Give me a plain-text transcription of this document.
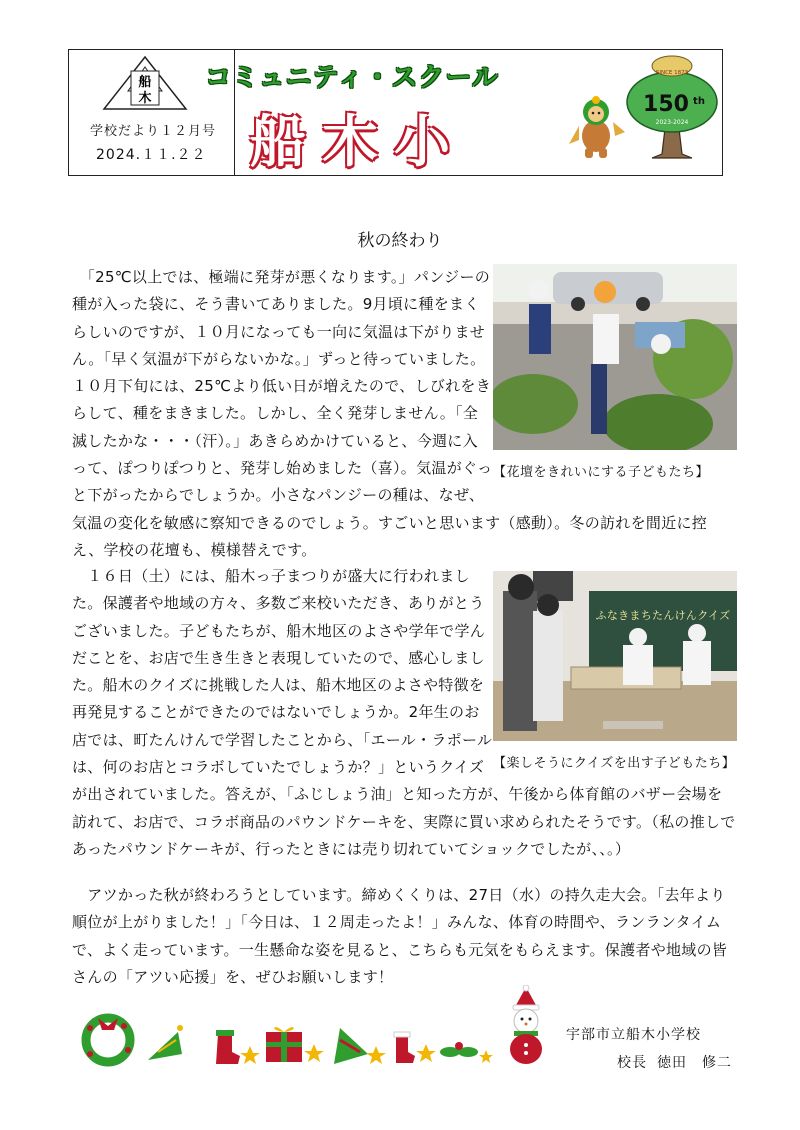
船
木
学校だより１２月号
2024.１１.２２
コミュニティ・スクール
船木小
SINCE 1873
150 th
2023-2024
秋の終わり
【花壇をきれいにする子どもたち】
　「25℃以上では、極端に発芽が悪くなります。」パンジーの種が入った袋に、そう書いてありました。9月頃に種をまくらしいのですが、１０月になっても一向に気温は下がりません。「早く気温が下がらないかな。」ずっと待っていました。１０月下旬には、25℃より低い日が増えたので、しびれをきらして、種をまきました。しかし、全く発芽しません。「全滅したかな・・・（汗）。」あきらめかけていると、今週に入って、ぽつりぽつりと、発芽し始めました（喜）。気温がぐっと下がったからでしょうか。小さなパンジーの種は、なぜ、気温の変化を敏感に察知できるのでしょう。すごいと思います（感動）。冬の訪れを間近に控え、学校の花壇も、模様替えです。
ふなきまちたんけんクイズ
【楽しそうにクイズを出す子どもたち】
　１６日（土）には、船木っ子まつりが盛大に行われました。保護者や地域の方々、多数ご来校いただき、ありがとうございました。子どもたちが、船木地区のよさや学年で学んだことを、お店で生き生きと表現していたので、感心しました。船木のクイズに挑戦した人は、船木地区のよさや特徴を再発見することができたのではないでしょうか。2年生のお店では、町たんけんで学習したことから、「エール・ラポールは、何のお店とコラボしていたでしょうか？」というクイズが出されていました。答えが、「ふじしょう油」と知った方が、午後から体育館のバザー会場を訪れて、お店で、コラボ商品のパウンドケーキを、実際に買い求められたそうです。（私の推しであったパウンドケーキが、行ったときには売り切れていてショックでしたが、、。）
　アツかった秋が終わろうとしています。締めくくりは、27日（水）の持久走大会。「去年より順位が上がりました！」「今日は、１２周走ったよ！」みんな、体育の時間や、ランランタイムで、よく走っています。一生懸命な姿を見ると、こちらも元気をもらえます。保護者や地域の皆さんの「アツい応援」を、ぜひお願いします！
宇部市立船木小学校
校長 徳田　修二
